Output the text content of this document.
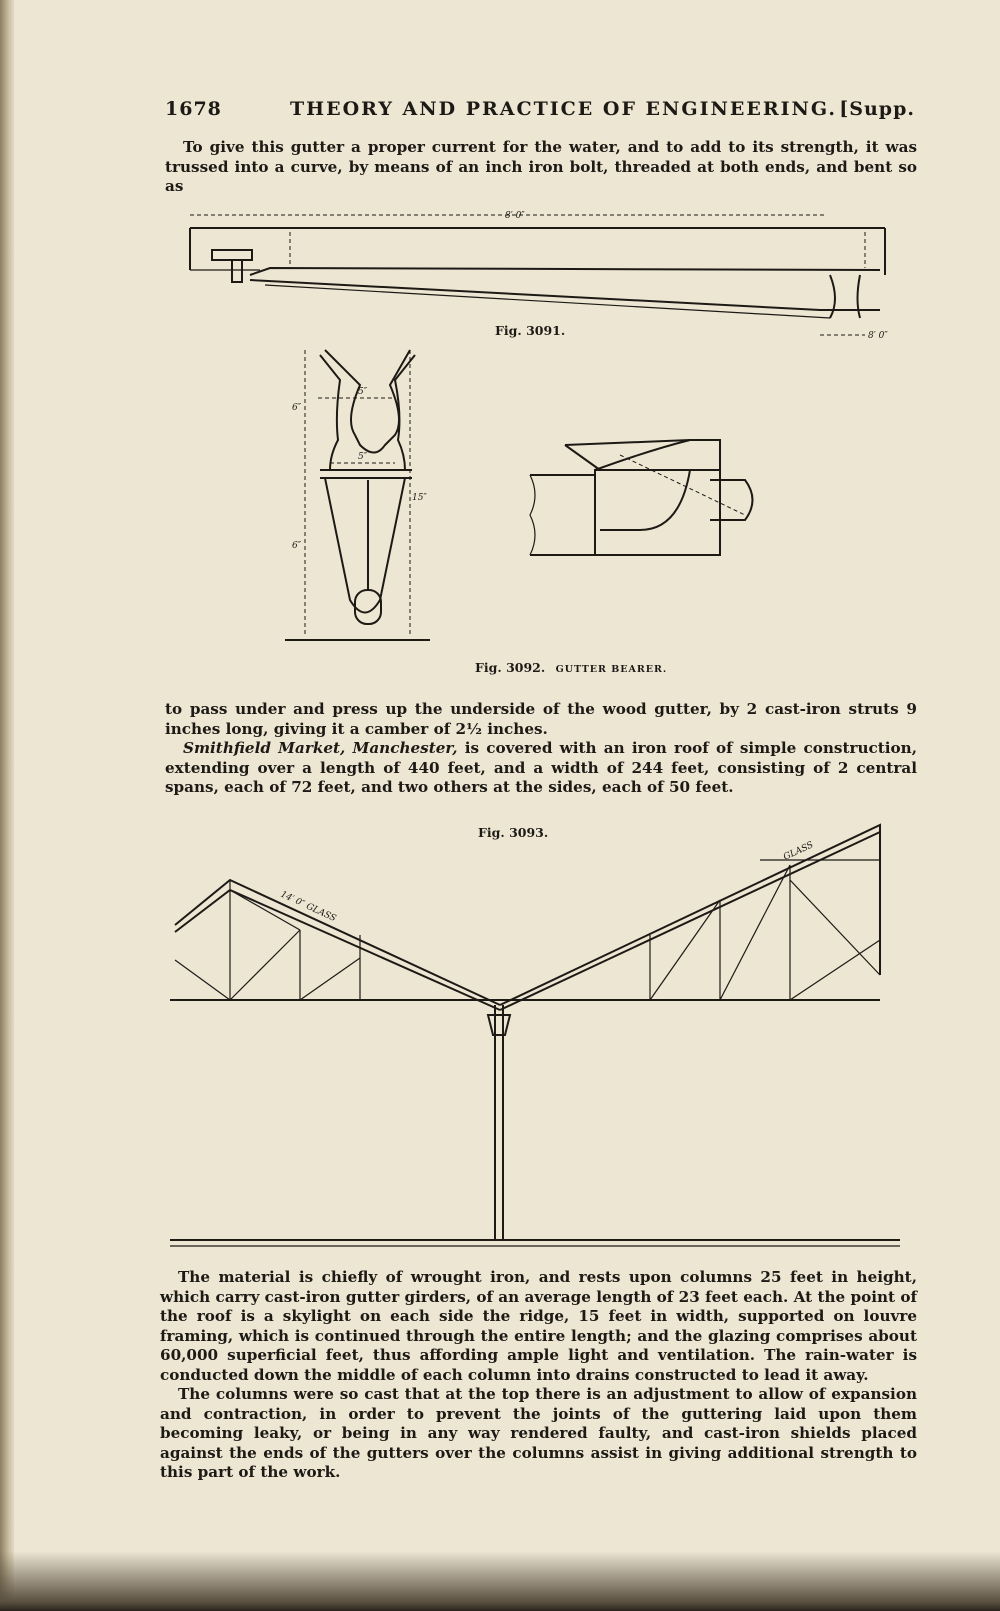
1678	THEORY AND PRACTICE OF ENGINEERING. [Supp.

To give this gutter a proper current for the water, and to add to its strength, it was trussed into a curve, by means of an inch iron bolt, threaded at both ends, and bent so as

8′ 0″
8′ 0″
5″
5″
6″
15″
6″
14′ 0″ GLASS
GLASS
Fig. 3091.
Fig. 3092. GUTTER BEARER.
Fig. 3093.

to pass under and press up the underside of the wood gutter, by 2 cast-iron struts 9 inches long, giving it a camber of 2½ inches.

Smithfield Market, Manchester, is covered with an iron roof of simple construction, extending over a length of 440 feet, and a width of 244 feet, consisting of 2 central spans, each of 72 feet, and two others at the sides, each of 50 feet.

The material is chiefly of wrought iron, and rests upon columns 25 feet in height, which carry cast-iron gutter girders, of an average length of 23 feet each. At the point of the roof is a skylight on each side the ridge, 15 feet in width, supported on louvre framing, which is continued through the entire length; and the glazing comprises about 60,000 superficial feet, thus affording ample light and ventilation. The rain-water is conducted down the middle of each column into drains constructed to lead it away.

The columns were so cast that at the top there is an adjustment to allow of expansion and contraction, in order to prevent the joints of the guttering laid upon them becoming leaky, or being in any way rendered faulty, and cast-iron shields placed against the ends of the gutters over the columns assist in giving additional strength to this part of the work.
